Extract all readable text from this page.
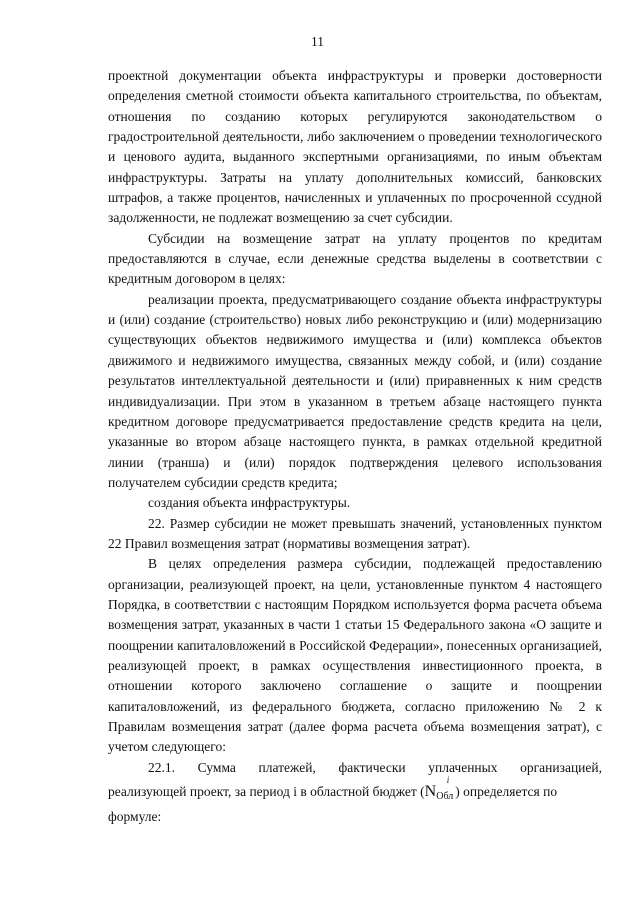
11

проектной документации объекта инфраструктуры и проверки достоверности определения сметной стоимости объекта капитального строительства, по объектам, отношения по созданию которых регулируются законодательством о градостроительной деятельности, либо заключением о проведении технологического и ценового аудита, выданного экспертными организациями, по иным объектам инфраструктуры. Затраты на уплату дополнительных комиссий, банковских штрафов, а также процентов, начисленных и уплаченных по просроченной ссудной задолженности, не подлежат возмещению за счет субсидии.

Субсидии на возмещение затрат на уплату процентов по кредитам предоставляются в случае, если денежные средства выделены в соответствии с кредитным договором в целях:

реализации проекта, предусматривающего создание объекта инфраструктуры и (или) создание (строительство) новых либо реконструкцию и (или) модернизацию существующих объектов недвижимого имущества и (или) комплекса объектов движимого и недвижимого имущества, связанных между собой, и (или) создание результатов интеллектуальной деятельности и (или) приравненных к ним средств индивидуализации. При этом в указанном в третьем абзаце настоящего пункта кредитном договоре предусматривается предоставление средств кредита на цели, указанные во втором абзаце настоящего пункта, в рамках отдельной кредитной линии (транша) и (или) порядок подтверждения целевого использования получателем субсидии средств кредита;

создания объекта инфраструктуры.

22. Размер субсидии не может превышать значений, установленных пунктом 22 Правил возмещения затрат (нормативы возмещения затрат).

В целях определения размера субсидии, подлежащей предоставлению организации, реализующей проект, на цели, установленные пунктом 4 настоящего Порядка, в соответствии с настоящим Порядком используется форма расчета объема возмещения затрат, указанных в части 1 статьи 15 Федерального закона «О защите и поощрении капиталовложений в Российской Федерации», понесенных организацией, реализующей проект, в рамках осуществления инвестиционного проекта, в отношении которого заключено соглашение о защите и поощрении капиталовложений, из федерального бюджета, согласно приложению № 2 к Правилам возмещения затрат (далее форма расчета объема возмещения затрат), с учетом следующего:

22.1. Сумма платежей, фактически уплаченных организацией,

реализующей проект, за период i в областной бюджет ($N_{Обл}$
i
) определяется по

формуле:
